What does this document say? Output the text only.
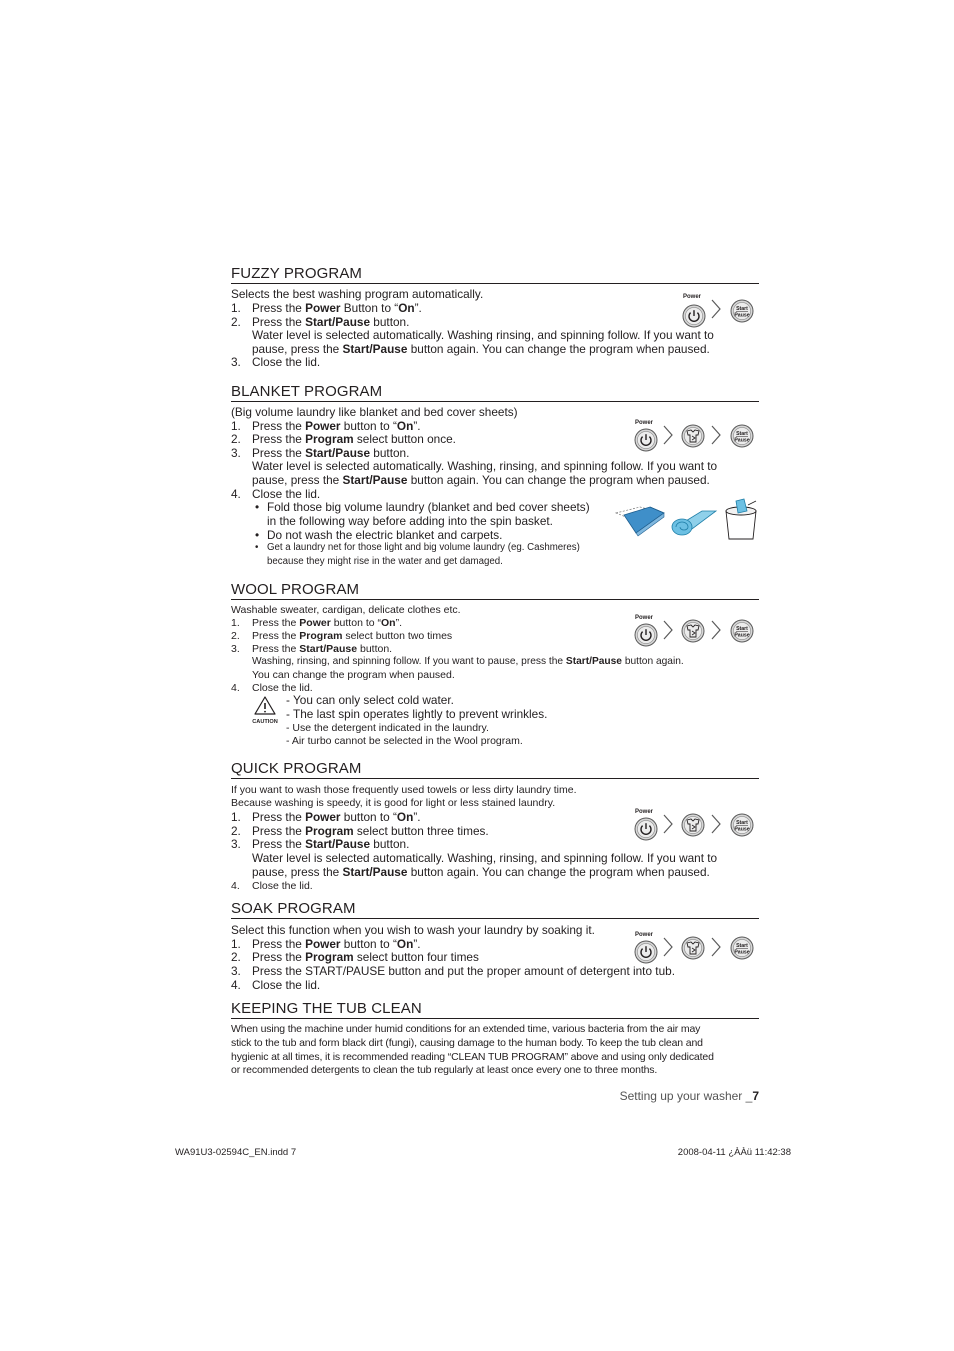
FUZZY PROGRAM
Selects the best washing program automatically.
1. Press the Power Button to “On”.
2. Press the Start/Pause button.
Water level is selected automatically. Washing rinsing, and spinning follow. If you want to
pause, press the Start/Pause button again. You can change the program when paused.
3. Close the lid.
Power
Start
Pause
BLANKET PROGRAM
(Big volume laundry like blanket and bed cover sheets)
1. Press the Power button to “On”.
2. Press the Program select button once.
3. Press the Start/Pause button.
Water level is selected automatically. Washing, rinsing, and spinning follow. If you want to
pause, press the Start/Pause button again. You can change the program when paused.
4. Close the lid.
• Fold those big volume laundry (blanket and bed cover sheets)
in the following way before adding into the spin basket.
• Do not wash the electric blanket and carpets.
• Get a laundry net for those light and big volume laundry (eg. Cashmeres)
because they might rise in the water and get damaged.
Power
Start
Pause
WOOL PROGRAM
Washable sweater, cardigan, delicate clothes etc.
1. Press the Power button to “On”.
2. Press the Program select button two times
3. Press the Start/Pause button.
Washing, rinsing, and spinning follow. If you want to pause, press the Start/Pause button again.
You can change the program when paused.
4. Close the lid.
CAUTION
- You can only select cold water.
- The last spin operates lightly to prevent wrinkles.
- Use the detergent indicated in the laundry.
- Air turbo cannot be selected in the Wool program.
Power
Start
Pause
QUICK PROGRAM
If you want to wash those frequently used towels or less dirty laundry time.
Because washing is speedy, it is good for light or less stained laundry.
1. Press the Power button to “On”.
2. Press the Program select button three times.
3. Press the Start/Pause button.
Water level is selected automatically. Washing, rinsing, and spinning follow. If you want to
pause, press the Start/Pause button again. You can change the program when paused.
4. Close the lid.
Power
Start
Pause
SOAK PROGRAM
Select this function when you wish to wash your laundry by soaking it.
1. Press the Power button to “On”.
2. Press the Program select button four times
3. Press the START/PAUSE button and put the proper amount of detergent into tub.
4. Close the lid.
Power
Start
Pause
KEEPING THE TUB CLEAN
When using the machine under humid conditions for an extended time, various bacteria from the air may
stick to the tub and form black dirt (fungi), causing damage to the human body. To keep the tub clean and
hygienic at all times, it is recommended reading “CLEAN TUB PROGRAM” above and using only dedicated
or recommended detergents to clean the tub regularly at least once every one to three months.
Setting up your washer _7
WA91U3-02594C_EN.indd 7	2008-04-11 ¿ÀÀü 11:42:38
